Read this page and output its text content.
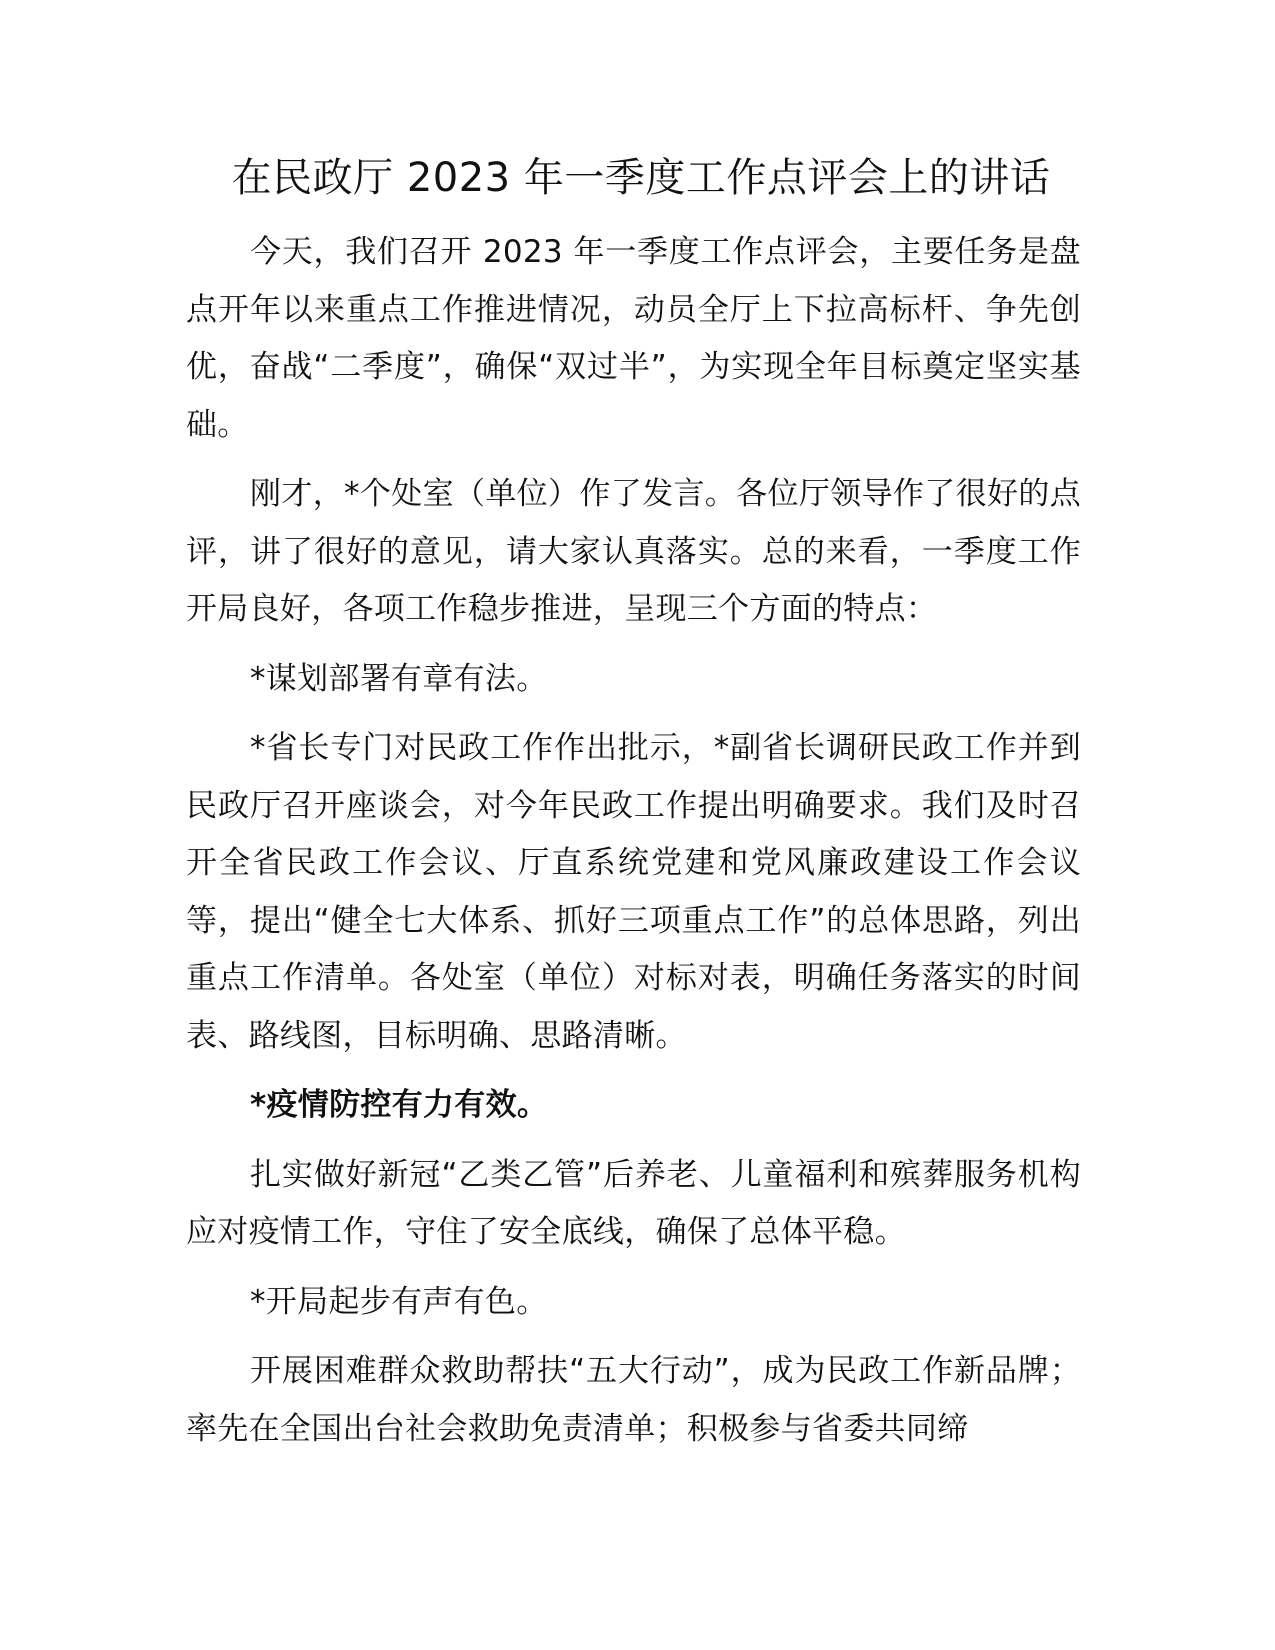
在民政厅 2023 年一季度工作点评会上的讲话

今天，我们召开 2023 年一季度工作点评会，主要任务是盘点开年以来重点工作推进情况，动员全厅上下拉高标杆、争先创优，奋战“二季度”，确保“双过半”，为实现全年目标奠定坚实基础。

刚才，*个处室（单位）作了发言。各位厅领导作了很好的点评，讲了很好的意见，请大家认真落实。总的来看，一季度工作开局良好，各项工作稳步推进，呈现三个方面的特点：

*谋划部署有章有法。

*省长专门对民政工作作出批示，*副省长调研民政工作并到民政厅召开座谈会，对今年民政工作提出明确要求。我们及时召开全省民政工作会议、厅直系统党建和党风廉政建设工作会议等，提出“健全七大体系、抓好三项重点工作”的总体思路，列出重点工作清单。各处室（单位）对标对表，明确任务落实的时间表、路线图，目标明确、思路清晰。

*疫情防控有力有效。

扎实做好新冠“乙类乙管”后养老、儿童福利和殡葬服务机构应对疫情工作，守住了安全底线，确保了总体平稳。

*开局起步有声有色。

开展困难群众救助帮扶“五大行动”，成为民政工作新品牌；率先在全国出台社会救助免责清单；积极参与省委共同缔
